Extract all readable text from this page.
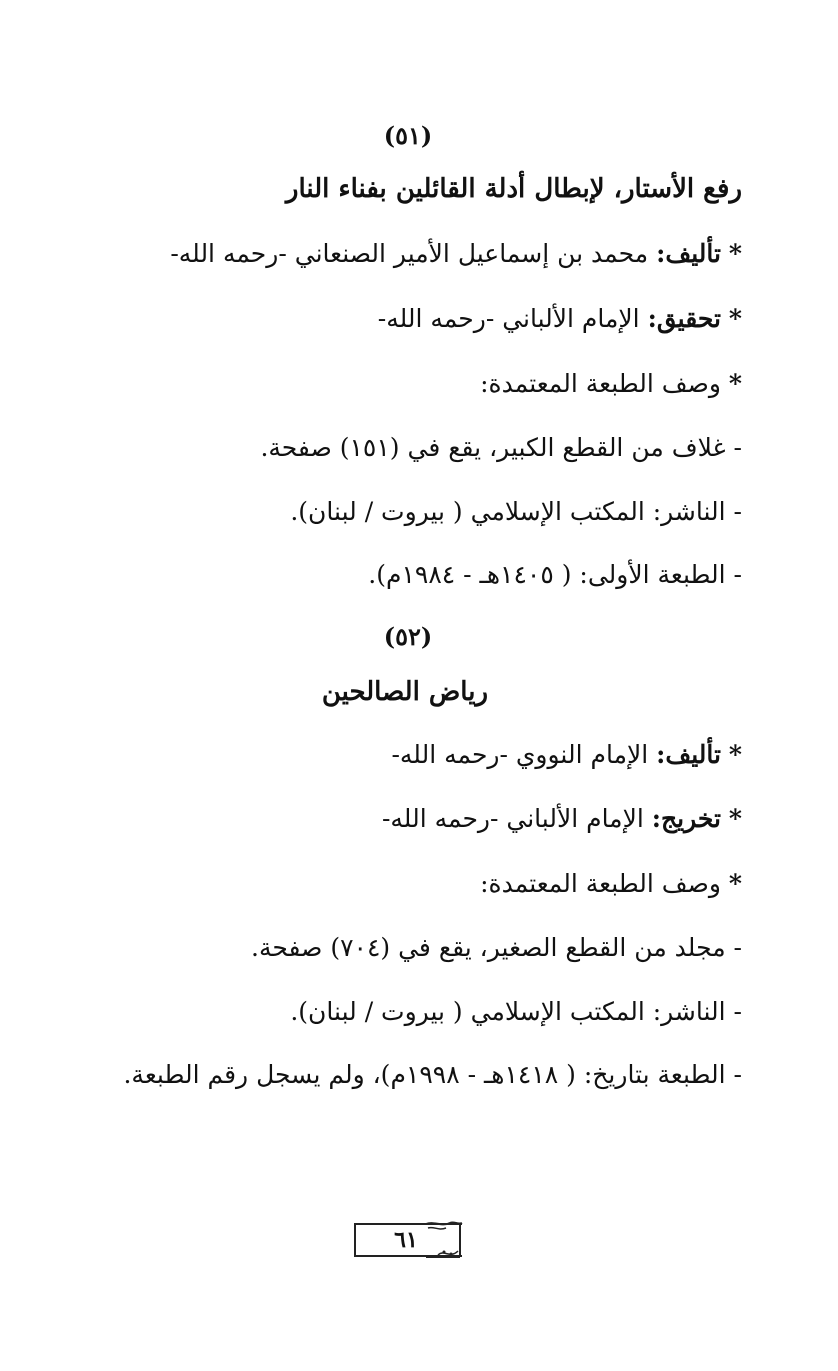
(٥١)
رفع الأستار، لإبطال أدلة القائلين بفناء النار
* تأليف: محمد بن إسماعيل الأمير الصنعاني -رحمه الله-
* تحقيق: الإمام الألباني -رحمه الله-
* وصف الطبعة المعتمدة:
- غلاف من القطع الكبير، يقع في (١٥١) صفحة.
- الناشر: المكتب الإسلامي ( بيروت / لبنان).
- الطبعة الأولى: ( ١٤٠٥هـ - ١٩٨٤م).
(٥٢)
رياض الصالحين
* تأليف: الإمام النووي -رحمه الله-
* تخريج: الإمام الألباني -رحمه الله-
* وصف الطبعة المعتمدة:
- مجلد من القطع الصغير، يقع في (٧٠٤) صفحة.
- الناشر: المكتب الإسلامي ( بيروت / لبنان).
- الطبعة بتاريخ: ( ١٤١٨هـ - ١٩٩٨م)، ولم يسجل رقم الطبعة.
٦١
